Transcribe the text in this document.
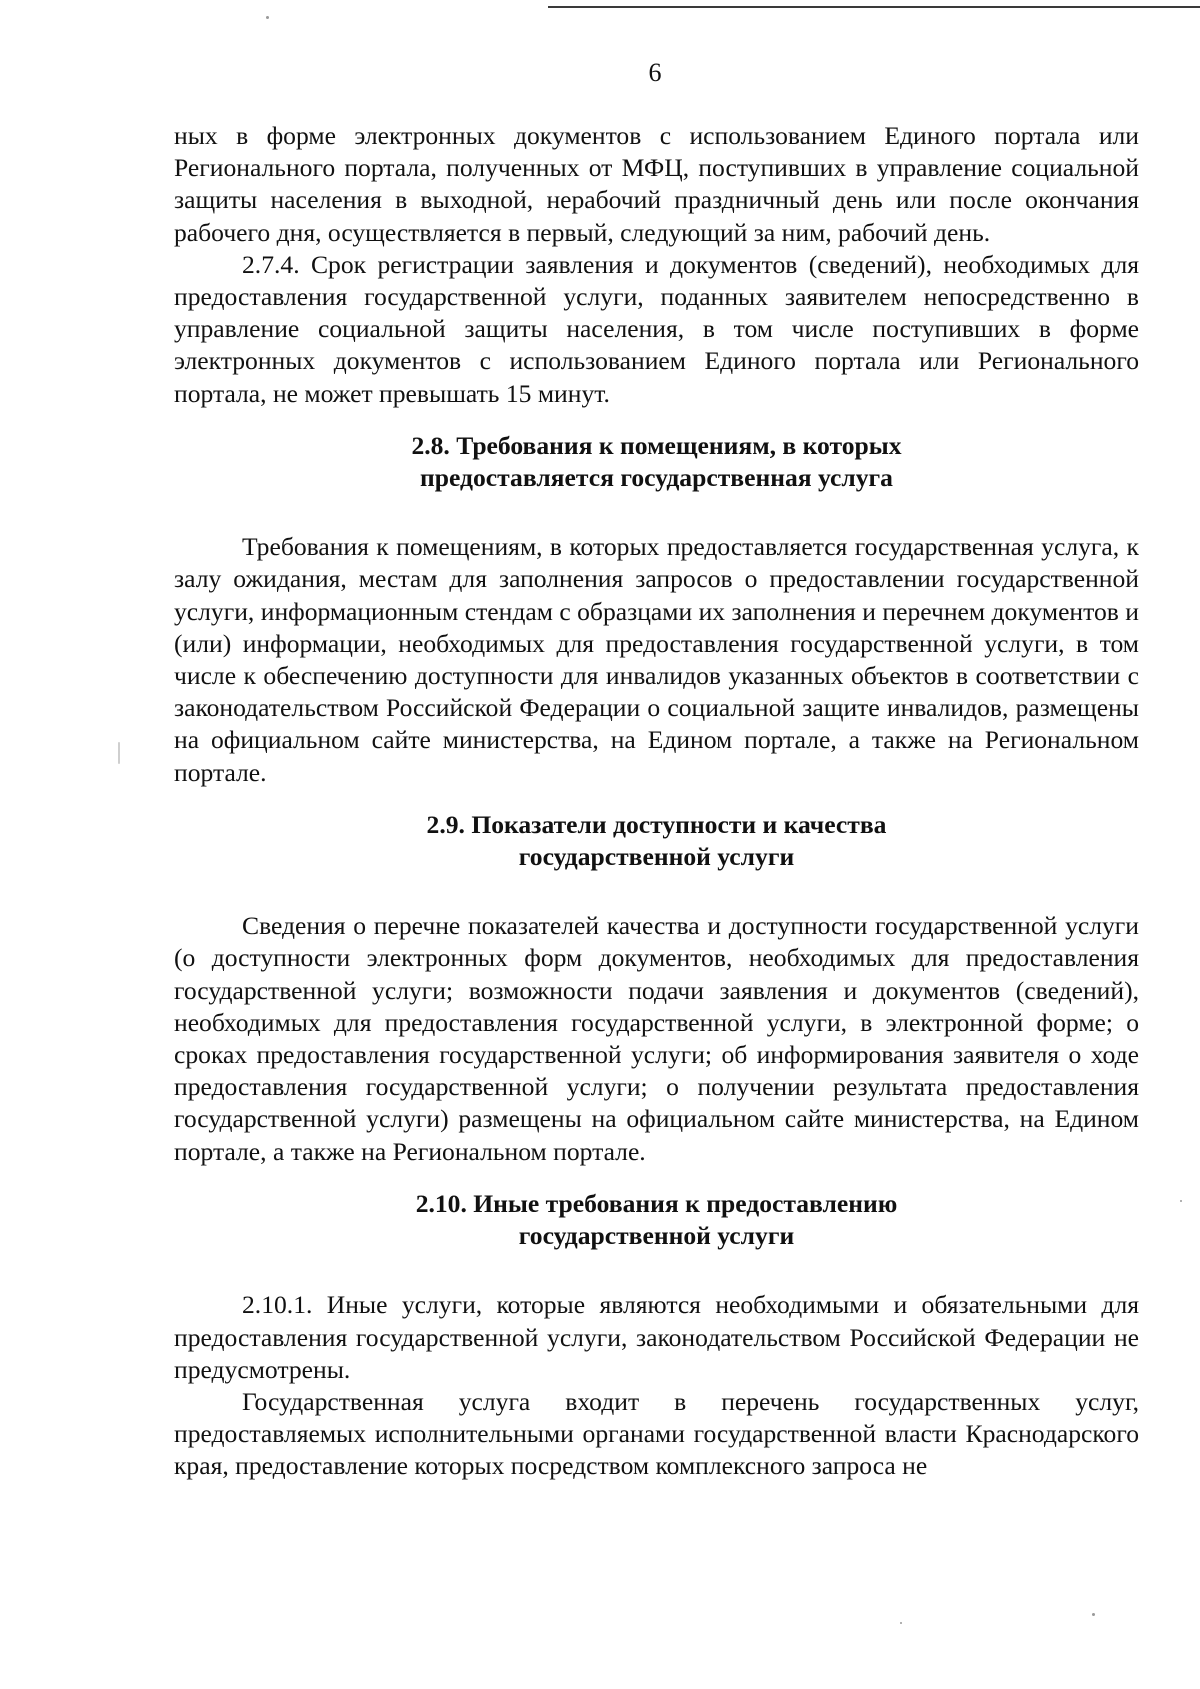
6

ных в форме электронных документов с использованием Единого портала или Регионального портала, полученных от МФЦ, поступивших в управление социальной защиты населения в выходной, нерабочий праздничный день или после окончания рабочего дня, осуществляется в первый, следующий за ним, рабочий день.

2.7.4. Срок регистрации заявления и документов (сведений), необходимых для предоставления государственной услуги, поданных заявителем непосредственно в управление социальной защиты населения, в том числе поступивших в форме электронных документов с использованием Единого портала или Регионального портала, не может превышать 15 минут.

2.8. Требования к помещениям, в которых
предоставляется государственная услуга

Требования к помещениям, в которых предоставляется государственная услуга, к залу ожидания, местам для заполнения запросов о предоставлении государственной услуги, информационным стендам с образцами их заполнения и перечнем документов и (или) информации, необходимых для предоставления государственной услуги, в том числе к обеспечению доступности для инвалидов указанных объектов в соответствии с законодательством Российской Федерации о социальной защите инвалидов, размещены на официальном сайте министерства, на Едином портале, а также на Региональном портале.

2.9. Показатели доступности и качества
государственной услуги

Сведения о перечне показателей качества и доступности государственной услуги (о доступности электронных форм документов, необходимых для предоставления государственной услуги; возможности подачи заявления и документов (сведений), необходимых для предоставления государственной услуги, в электронной форме; о сроках предоставления государственной услуги; об информирования заявителя о ходе предоставления государственной услуги; о получении результата предоставления государственной услуги) размещены на официальном сайте министерства, на Едином портале, а также на Региональном портале.

2.10. Иные требования к предоставлению
государственной услуги

2.10.1. Иные услуги, которые являются необходимыми и обязательными для предоставления государственной услуги, законодательством Российской Федерации не предусмотрены.

Государственная услуга входит в перечень государственных услуг, предоставляемых исполнительными органами государственной власти Краснодарского края, предоставление которых посредством комплексного запроса не
